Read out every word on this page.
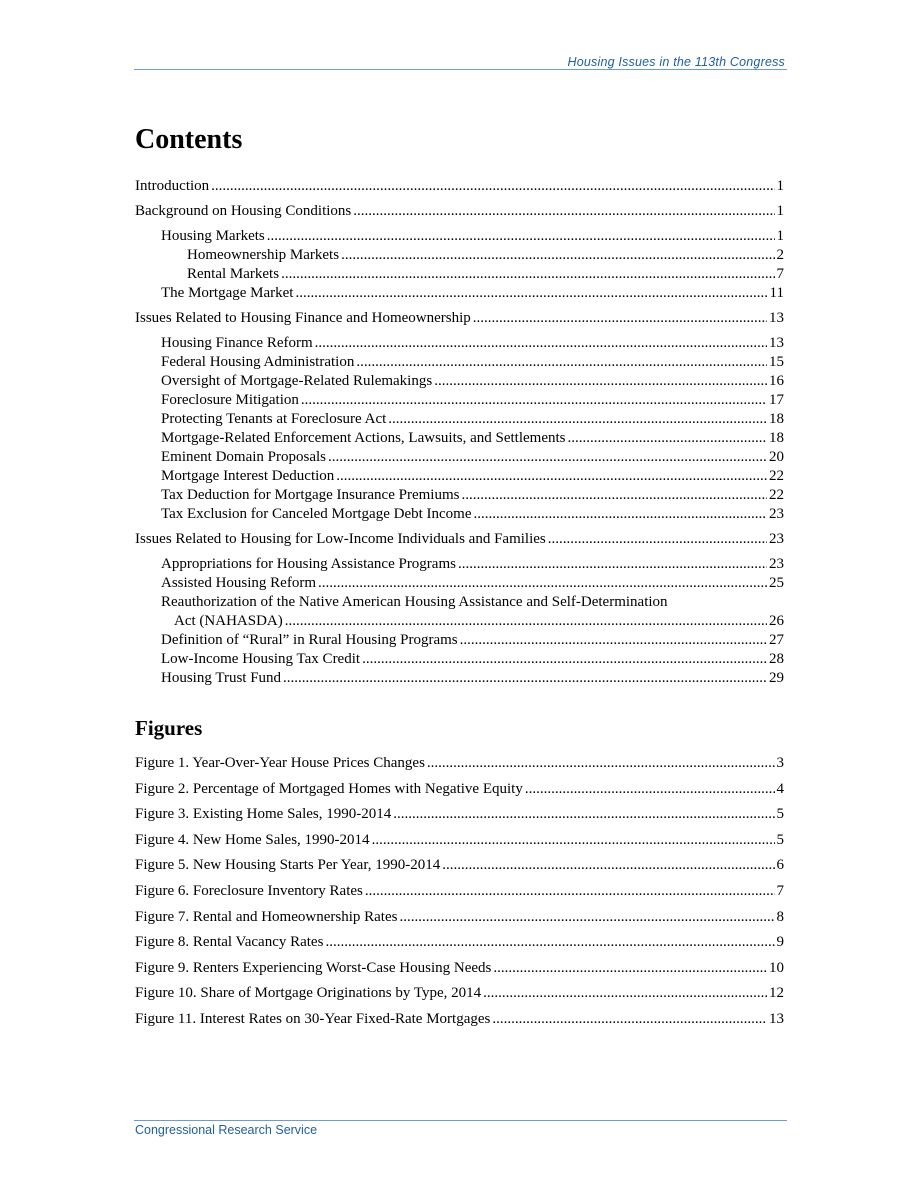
Housing Issues in the 113th Congress
Contents
Introduction .....	1
Background on Housing Conditions .....	1
Housing Markets .....	1
Homeownership Markets .....	2
Rental Markets .....	7
The Mortgage Market .....	11
Issues Related to Housing Finance and Homeownership .....	13
Housing Finance Reform .....	13
Federal Housing Administration .....	15
Oversight of Mortgage-Related Rulemakings .....	16
Foreclosure Mitigation .....	17
Protecting Tenants at Foreclosure Act .....	18
Mortgage-Related Enforcement Actions, Lawsuits, and Settlements .....	18
Eminent Domain Proposals .....	20
Mortgage Interest Deduction .....	22
Tax Deduction for Mortgage Insurance Premiums .....	22
Tax Exclusion for Canceled Mortgage Debt Income .....	23
Issues Related to Housing for Low-Income Individuals and Families .....	23
Appropriations for Housing Assistance Programs .....	23
Assisted Housing Reform .....	25
Reauthorization of the Native American Housing Assistance and Self-Determination
Act (NAHASDA) .....	26
Definition of “Rural” in Rural Housing Programs .....	27
Low-Income Housing Tax Credit .....	28
Housing Trust Fund .....	29
Figures
Figure 1. Year-Over-Year House Prices Changes .....	3
Figure 2. Percentage of Mortgaged Homes with Negative Equity .....	4
Figure 3. Existing Home Sales, 1990-2014 .....	5
Figure 4. New Home Sales, 1990-2014 .....	5
Figure 5. New Housing Starts Per Year, 1990-2014 .....	6
Figure 6. Foreclosure Inventory Rates .....	7
Figure 7. Rental and Homeownership Rates .....	8
Figure 8. Rental Vacancy Rates .....	9
Figure 9. Renters Experiencing Worst-Case Housing Needs .....	10
Figure 10. Share of Mortgage Originations by Type, 2014 .....	12
Figure 11. Interest Rates on 30-Year Fixed-Rate Mortgages .....	13
Congressional Research Service
